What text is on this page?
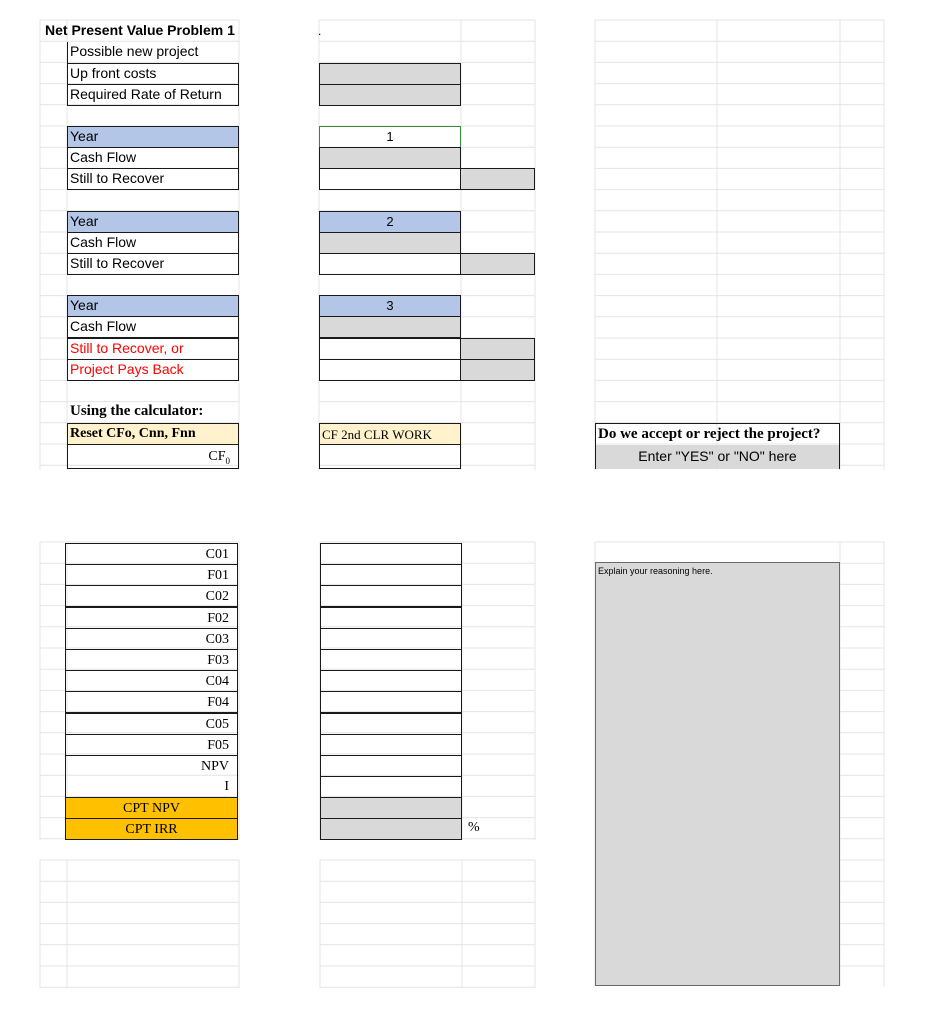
Net Present Value Problem 1
Possible new project
Up front costs
Required Rate of Return
.
Year
Cash Flow
Still to Recover
1
Year
Cash Flow
Still to Recover
2
Year
Cash Flow
Still to Recover, or
Project Pays Back
3
Using the calculator:
Reset CFo, Cnn, Fnn
$CF_0$
CF 2nd CLR WORK	Do we accept or reject the project?
Enter "YES" or "NO" here
C01
F01
C02
F02
C03
F03
C04
F04
C05
F05
NPV
I
CPT NPV
CPT IRR	%
Explain your reasoning here.
